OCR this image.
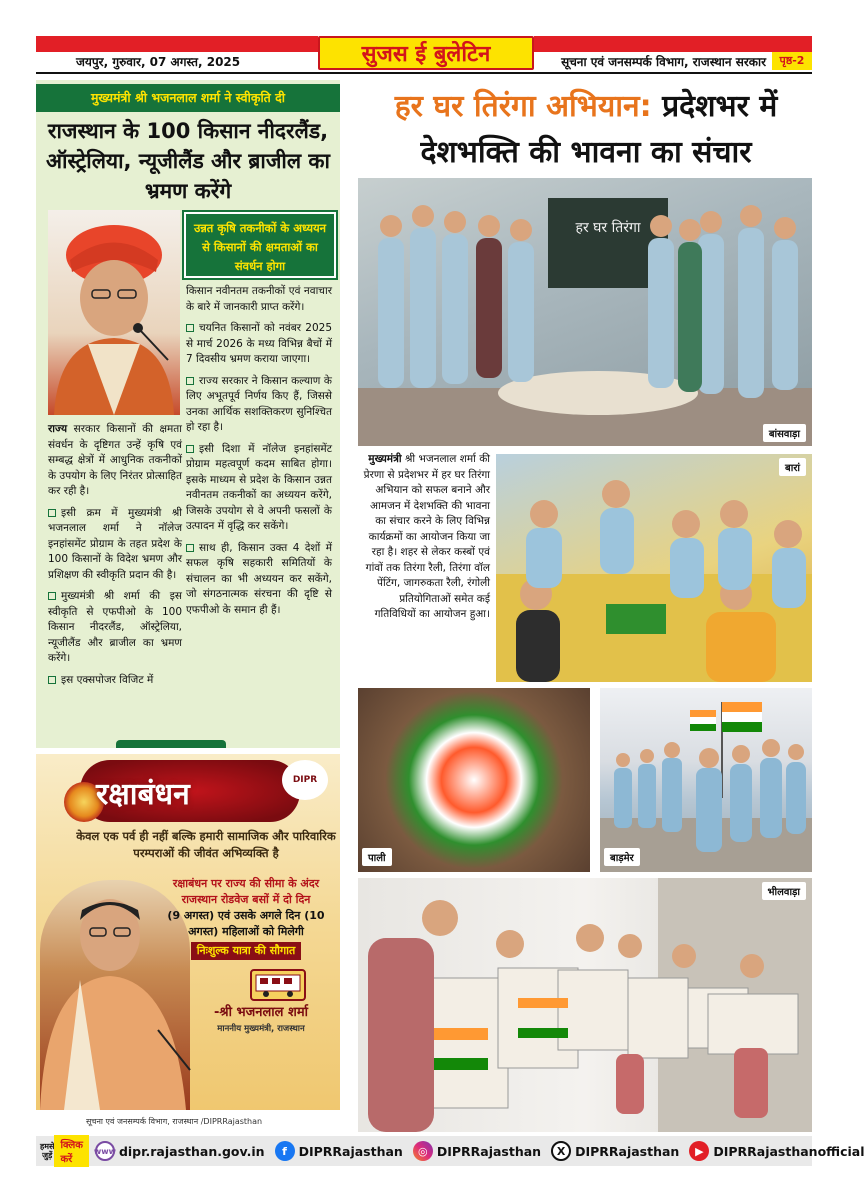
सुजस ई बुलेटिन
जयपुर, गुरुवार, 07 अगस्त, 2025	सूचना एवं जनसम्पर्क विभाग, राजस्थान सरकार	पृष्ठ-2
मुख्यमंत्री श्री भजनलाल शर्मा ने स्वीकृति दी
राजस्थान के 100 किसान नीदरलैंड, ऑस्ट्रेलिया, न्यूजीलैंड और ब्राजील का भ्रमण करेंगे
उन्नत कृषि तकनीकों के अध्ययन से किसानों की क्षमताओं का संवर्धन होगा

किसान नवीनतम तकनीकों एवं नवाचार के बारे में जानकारी प्राप्त करेंगे।

चयनित किसानों को नवंबर 2025 से मार्च 2026 के मध्य विभिन्न बैचों में 7 दिवसीय भ्रमण कराया जाएगा।

राज्य सरकार ने किसान कल्याण के लिए अभूतपूर्व निर्णय किए हैं, जिससे उनका आर्थिक सशक्तिकरण सुनिश्चित हो रहा है।

इसी दिशा में नॉलेज इनहांसमेंट प्रोग्राम महत्वपूर्ण कदम साबित होगा। इसके माध्यम से प्रदेश के किसान उन्नत नवीनतम तकनीकों का अध्ययन करेंगे, जिसके उपयोग से वे अपनी फसलों के उत्पादन में वृद्धि कर सकेंगे।

साथ ही, किसान उक्त 4 देशों में सफल कृषि सहकारी समितियों के संचालन का भी अध्ययन कर सकेंगे, जो संगठनात्मक संरचना की दृष्टि से एफपीओ के समान ही हैं।

राज्य सरकार किसानों की क्षमता संवर्धन के दृष्टिगत उन्हें कृषि एवं सम्बद्ध क्षेत्रों में आधुनिक तकनीकों के उपयोग के लिए निरंतर प्रोत्साहित कर रही है।

इसी क्रम में मुख्यमंत्री श्री भजनलाल शर्मा ने नॉलेज इनहांसमेंट प्रोग्राम के तहत प्रदेश के 100 किसानों के विदेश भ्रमण और प्रशिक्षण की स्वीकृति प्रदान की है।

मुख्यमंत्री श्री शर्मा की इस स्वीकृति से एफपीओ के 100 किसान नीदरलैंड, ऑस्ट्रेलिया, न्यूजीलैंड और ब्राजील का भ्रमण करेंगे।

इस एक्सपोजर विजिट में

रक्षाबंधन	DIPR
केवल एक पर्व ही नहीं बल्कि हमारी सामाजिक और पारिवारिक परम्पराओं की जीवंत अभिव्यक्ति है
रक्षाबंधन पर राज्य की सीमा के अंदर राजस्थान रोडवेज बसों में दो दिन
(9 अगस्त) एवं उसके अगले दिन (10 अगस्त) महिलाओं को मिलेगी
निःशुल्क यात्रा की सौगात
-श्री भजनलाल शर्मा
माननीय मुख्यमंत्री, राजस्थान
सूचना एवं जनसम्पर्क विभाग, राजस्थान /DIPRRajasthan
हर घर तिरंगा अभियान: प्रदेशभर में देशभक्ति की भावना का संचार
हर घर तिरंगा
बांसवाड़ा
मुख्यमंत्री श्री भजनलाल शर्मा की प्रेरणा से प्रदेशभर में हर घर तिरंगा अभियान को सफल बनाने और आमजन में देशभक्ति की भावना का संचार करने के लिए विभिन्न कार्यक्रमों का आयोजन किया जा रहा है। शहर से लेकर कस्बों एवं गांवों तक तिरंगा रैली, तिरंगा वॉल पेंटिंग, जागरुकता रैली, रंगोली प्रतियोगिताओं समेत कई गतिविधियों का आयोजन हुआ।
बारां
पाली	बाड़मेर
भीलवाड़ा
हमसे जुड़ें
क्लिक करें
www dipr.rajasthan.gov.in	f DIPRRajasthan	◎ DIPRRajasthan	X DIPRRajasthan	▶ DIPRRajasthanofficial
